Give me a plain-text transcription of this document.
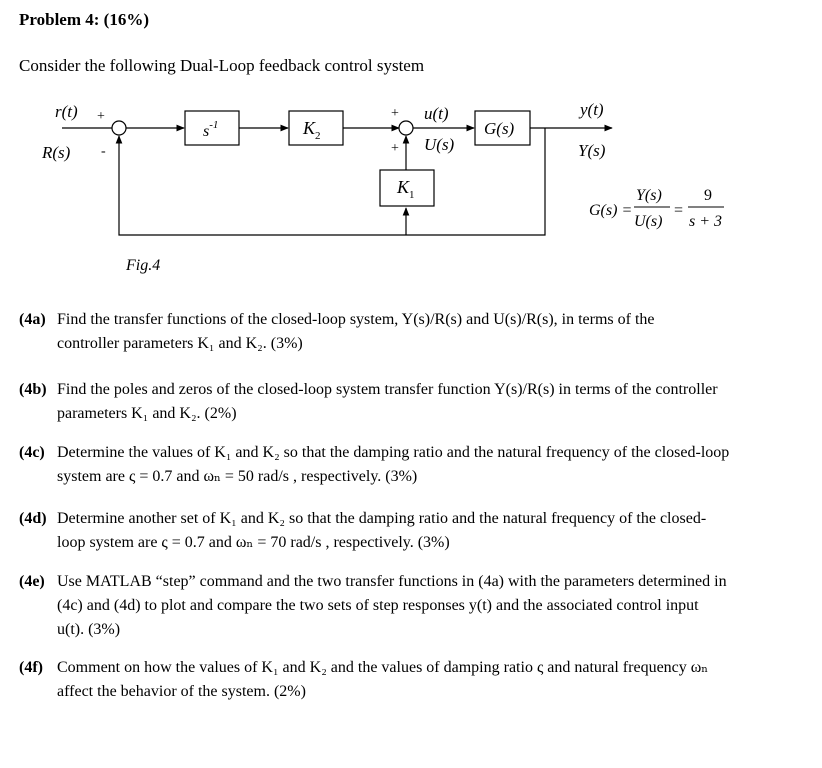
Problem 4: (16%)
Consider the following Dual-Loop feedback control system
r(t)
R(s)
+
-
$s^{-1}$	$K_2$
+
+
u(t)
U(s)
G(s)
$K_1$
y(t)
Y(s)
G(s) =
Y(s)
U(s)
=
9
s + 3
Fig.4
(4a) Find the transfer functions of the closed-loop system, Y(s)/R(s) and U(s)/R(s), in terms of the
controller parameters K₁ and K₂. (3%)
(4b) Find the poles and zeros of the closed-loop system transfer function Y(s)/R(s) in terms of the controller
parameters K₁ and K₂. (2%)
(4c) Determine the values of K₁ and K₂ so that the damping ratio and the natural frequency of the closed-loop
system are ς = 0.7 and ωₙ = 50 rad/s , respectively. (3%)
(4d) Determine another set of K₁ and K₂ so that the damping ratio and the natural frequency of the closed-
loop system are ς = 0.7 and ωₙ = 70 rad/s , respectively. (3%)
(4e) Use MATLAB “step” command and the two transfer functions in (4a) with the parameters determined in
(4c) and (4d) to plot and compare the two sets of step responses y(t) and the associated control input
u(t). (3%)
(4f) Comment on how the values of K₁ and K₂ and the values of damping ratio ς and natural frequency ωₙ
affect the behavior of the system. (2%)
